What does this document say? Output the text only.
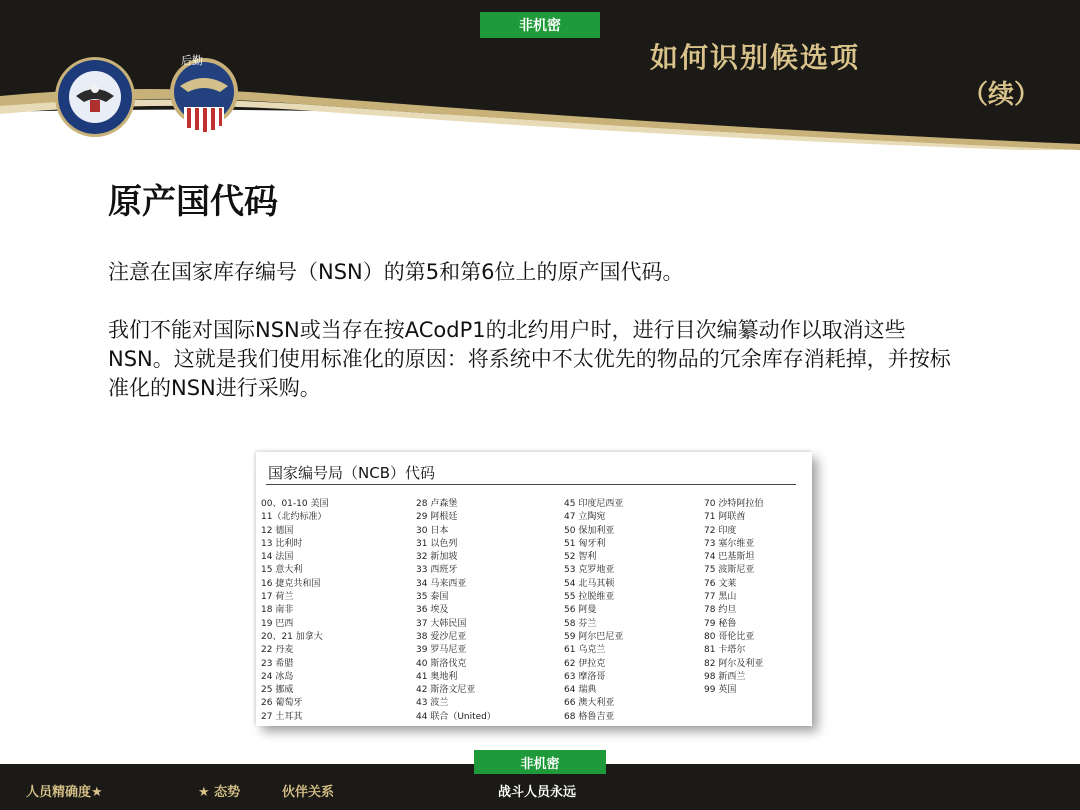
非机密
如何识别候选项
（续）
后勤
原产国代码
注意在国家库存编号（NSN）的第5和第6位上的原产国代码。
我们不能对国际NSN或当存在按ACodP1的北约用户时，进行目次编纂动作以取消这些NSN。这就是我们使用标准化的原因：将系统中不太优先的物品的冗余库存消耗掉，并按标准化的NSN进行采购。
国家编号局（NCB）代码
00、01-10 美国
11（北约标准）
12 德国
13 比利时
14 法国
15 意大利
16 捷克共和国
17 荷兰
18 南非
19 巴西
20、21 加拿大
22 丹麦
23 希腊
24 冰岛
25 挪威
26 葡萄牙
27 土耳其
28 卢森堡
29 阿根廷
30 日本
31 以色列
32 新加坡
33 西班牙
34 马来西亚
35 泰国
36 埃及
37 大韩民国
38 爱沙尼亚
39 罗马尼亚
40 斯洛伐克
41 奥地利
42 斯洛文尼亚
43 波兰
44 联合（United）
45 印度尼西亚
47 立陶宛
50 保加利亚
51 匈牙利
52 智利
53 克罗地亚
54 北马其顿
55 拉脱维亚
56 阿曼
58 芬兰
59 阿尔巴尼亚
61 乌克兰
62 伊拉克
63 摩洛哥
64 瑞典
66 澳大利亚
68 格鲁吉亚
70 沙特阿拉伯
71 阿联酋
72 印度
73 塞尔维亚
74 巴基斯坦
75 波斯尼亚
76 文莱
77 黑山
78 约旦
79 秘鲁
80 哥伦比亚
81 卡塔尔
82 阿尔及利亚
98 新西兰
99 英国
非机密
人员精确度★	★ 态势	伙伴关系	战斗人员永远
